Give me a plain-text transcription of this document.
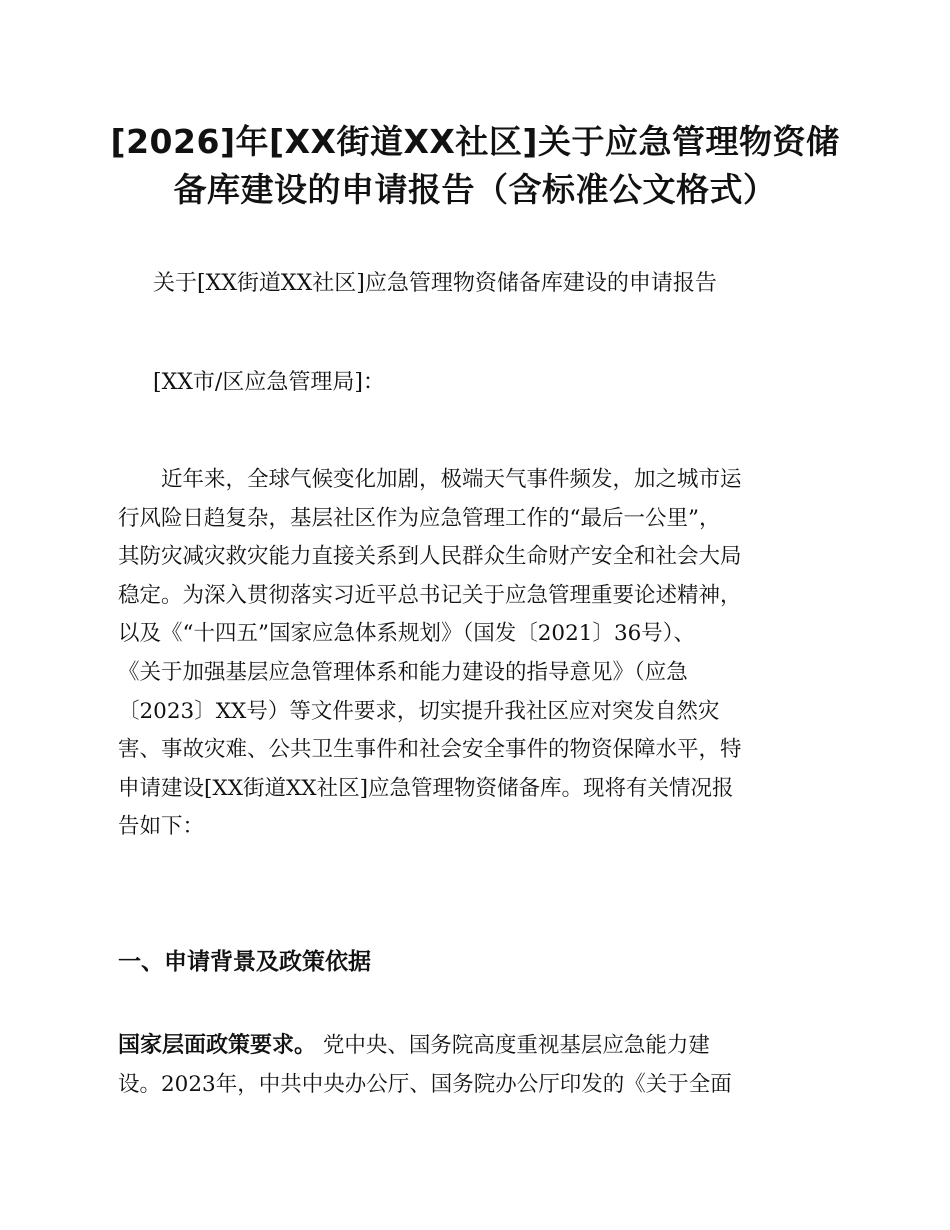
[2026]年[XX街道XX社区]关于应急管理物资储
备库建设的申请报告（含标准公文格式）
关于[XX街道XX社区]应急管理物资储备库建设的申请报告
[XX市/区应急管理局]：
　　近年来，全球气候变化加剧，极端天气事件频发，加之城市运
行风险日趋复杂，基层社区作为应急管理工作的“最后一公里”，
其防灾减灾救灾能力直接关系到人民群众生命财产安全和社会大局
稳定。为深入贯彻落实习近平总书记关于应急管理重要论述精神，
以及《“十四五”国家应急体系规划》（国发〔2021〕36号）、
《关于加强基层应急管理体系和能力建设的指导意见》（应急
〔2023〕XX号）等文件要求，切实提升我社区应对突发自然灾
害、事故灾难、公共卫生事件和社会安全事件的物资保障水平，特
申请建设[XX街道XX社区]应急管理物资储备库。现将有关情况报
告如下：
一、申请背景及政策依据
国家层面政策要求。 党中央、国务院高度重视基层应急能力建
设。2023年，中共中央办公厅、国务院办公厅印发的《关于全面
